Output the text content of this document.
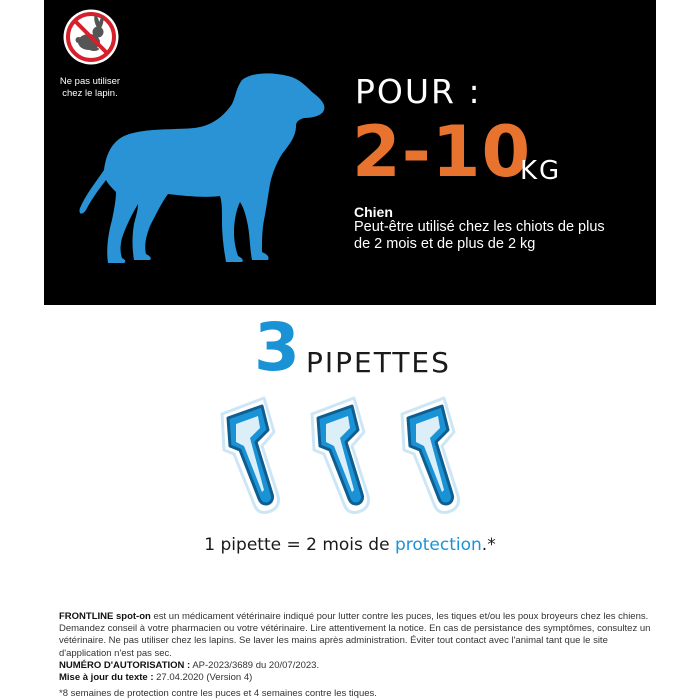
Ne pas utiliser
chez le lapin.	POUR :
2-10
KG
Chien
Peut-être utilisé chez les chiots de plus de 2 mois et de plus de 2 kg
3 PIPETTES
1 pipette = 2 mois de protection.*
FRONTLINE spot-on est un médicament vétérinaire indiqué pour lutter contre les puces, les tiques et/ou les poux broyeurs chez les chiens. Demandez conseil à votre pharmacien ou votre vétérinaire. Lire attentivement la notice. En cas de persistance des symptômes, consultez un vétérinaire. Ne pas utiliser chez les lapins. Se laver les mains après administration. Éviter tout contact avec l'animal tant que le site d'application n'est pas sec.
NUMÉRO D'AUTORISATION : AP-2023/3689 du 20/07/2023.
Mise à jour du texte : 27.04.2020 (Version 4)
*8 semaines de protection contre les puces et 4 semaines contre les tiques.
